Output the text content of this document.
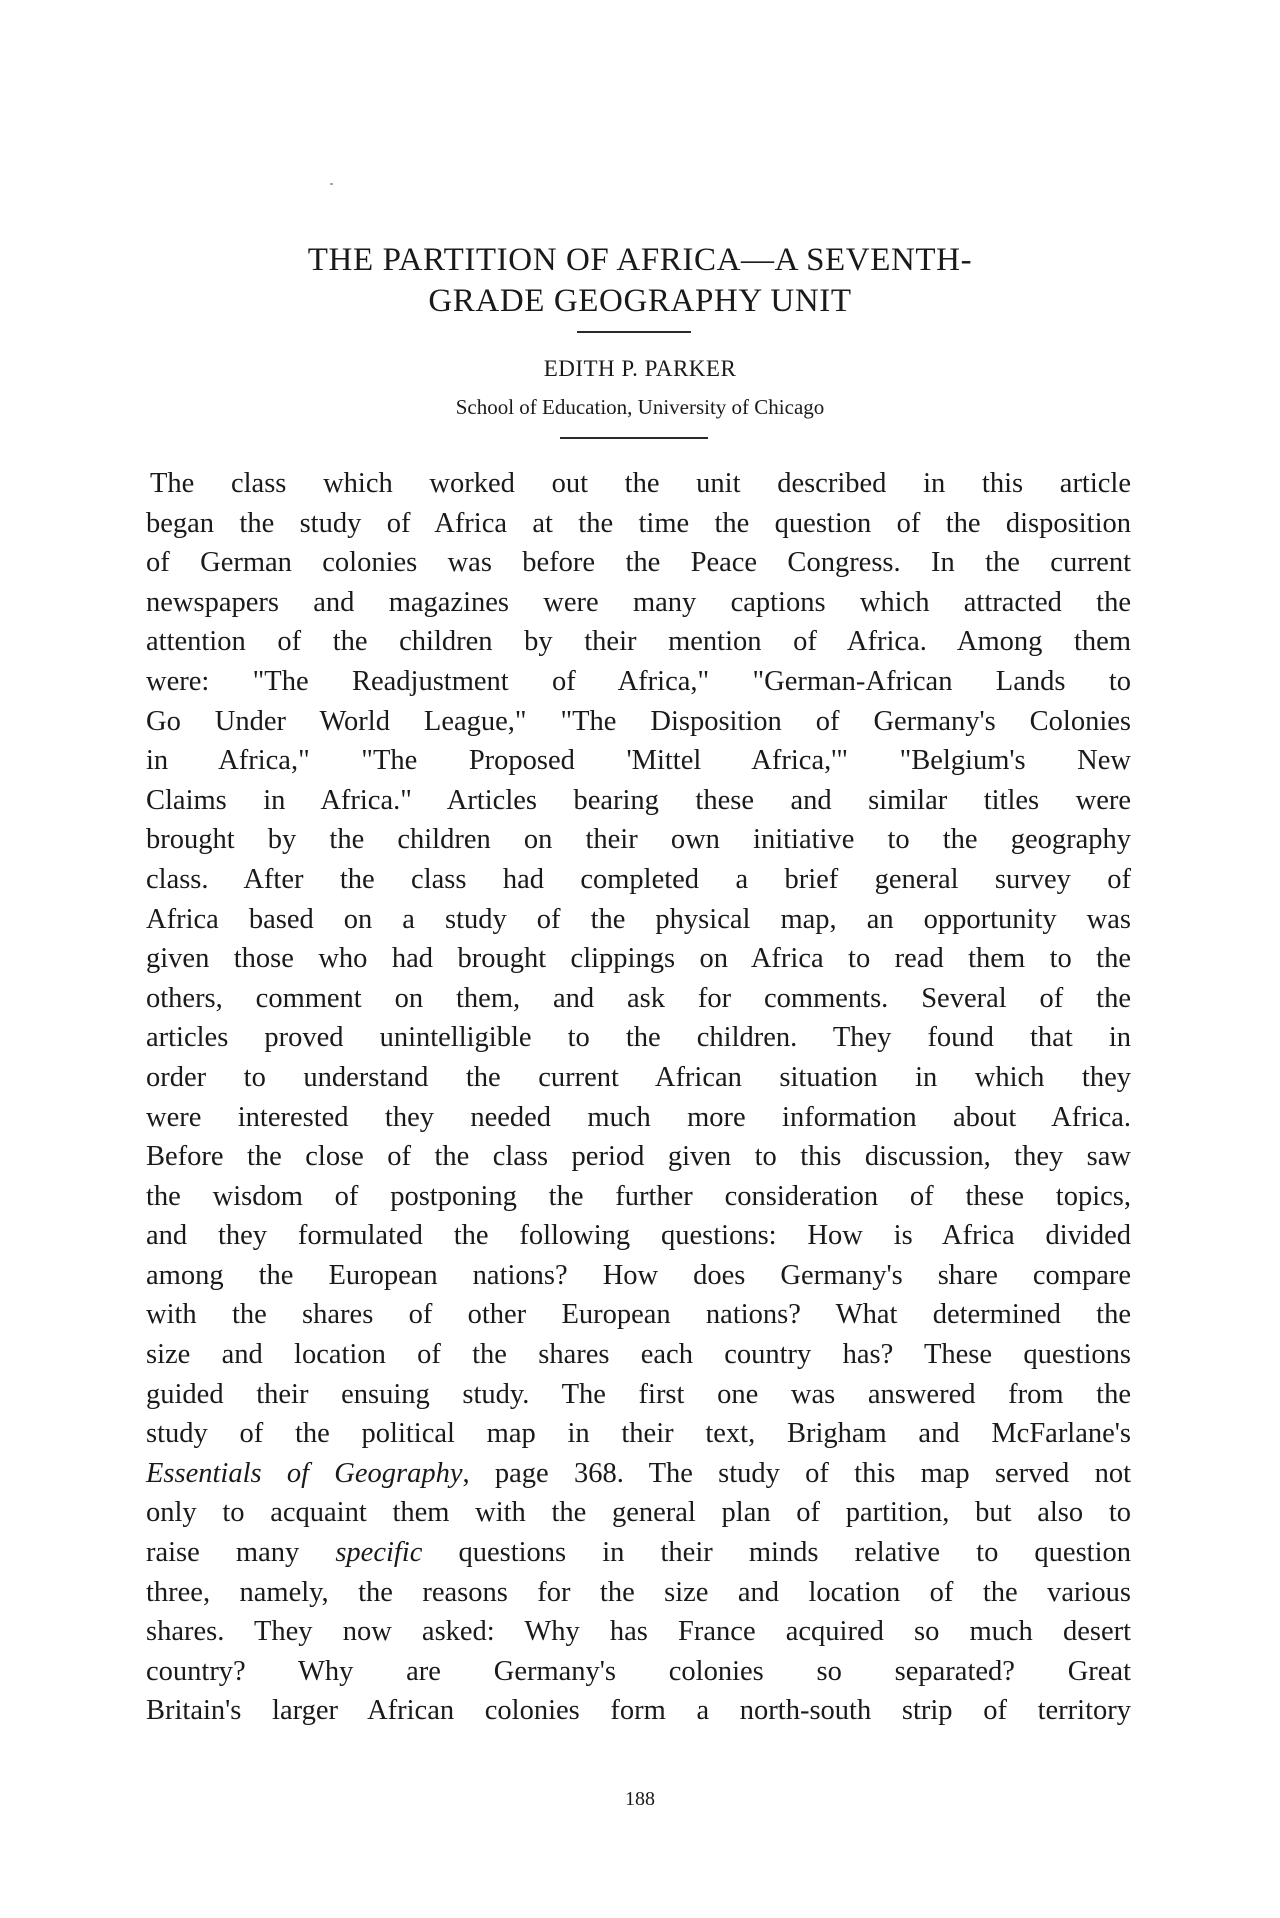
THE PARTITION OF AFRICA—A SEVENTH-
GRADE GEOGRAPHY UNIT
EDITH P. PARKER
School of Education, University of Chicago
The class which worked out the unit described in this article
began the study of Africa at the time the question of the disposition
of German colonies was before the Peace Congress. In the current
newspapers and magazines were many captions which attracted the
attention of the children by their mention of Africa. Among them
were: "The Readjustment of Africa," "German-African Lands to
Go Under World League," "The Disposition of Germany's Colonies
in Africa," "The Proposed 'Mittel Africa,'" "Belgium's New
Claims in Africa." Articles bearing these and similar titles were
brought by the children on their own initiative to the geography
class. After the class had completed a brief general survey of
Africa based on a study of the physical map, an opportunity was
given those who had brought clippings on Africa to read them to the
others, comment on them, and ask for comments. Several of the
articles proved unintelligible to the children. They found that in
order to understand the current African situation in which they
were interested they needed much more information about Africa.
Before the close of the class period given to this discussion, they saw
the wisdom of postponing the further consideration of these topics,
and they formulated the following questions: How is Africa divided
among the European nations? How does Germany's share compare
with the shares of other European nations? What determined the
size and location of the shares each country has? These questions
guided their ensuing study. The first one was answered from the
study of the political map in their text, Brigham and McFarlane's
Essentials of Geography, page 368. The study of this map served not
only to acquaint them with the general plan of partition, but also to
raise many specific questions in their minds relative to question
three, namely, the reasons for the size and location of the various
shares. They now asked: Why has France acquired so much desert
country? Why are Germany's colonies so separated? Great
Britain's larger African colonies form a north-south strip of territory
188
